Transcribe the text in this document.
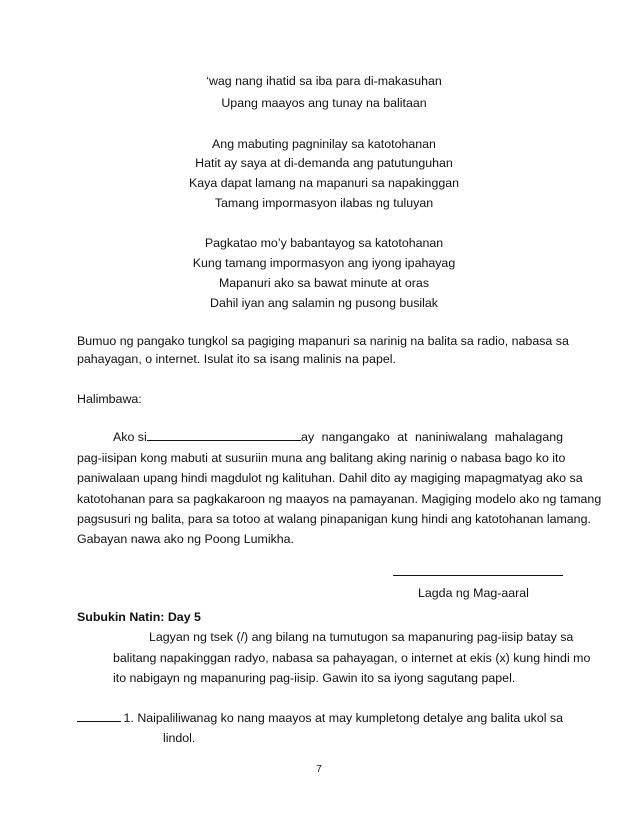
‘wag nang ihatid sa iba para di-makasuhan
Upang maayos ang tunay na balitaan
Ang mabuting pagninilay sa katotohanan
Hatit ay saya at di-demanda ang patutunguhan
Kaya dapat lamang na mapanuri sa napakinggan
Tamang impormasyon ilabas ng tuluyan
Pagkatao mo’y babantayog sa katotohanan
Kung tamang impormasyon ang iyong ipahayag
Mapanuri ako sa bawat minute at oras
Dahil iyan ang salamin ng pusong busilak
Bumuo ng pangako tungkol sa pagiging mapanuri sa narinig na balita sa radio, nabasa sa
pahayagan, o internet. Isulat ito sa isang malinis na papel.
Halimbawa:
Ako si	ay nangangako at naniniwalang mahalagang
pag-iisipan kong mabuti at susuriin muna ang balitang aking narinig o nabasa bago ko ito
paniwalaan upang hindi magdulot ng kalituhan. Dahil dito ay magiging mapagmatyag ako sa
katotohanan para sa pagkakaroon ng maayos na pamayanan. Magiging modelo ako ng tamang
pagsusuri ng balita, para sa totoo at walang pinapanigan kung hindi ang katotohanan lamang.
Gabayan nawa ako ng Poong Lumikha.
Lagda ng Mag-aaral
Subukin Natin: Day 5
Lagyan ng tsek (/) ang bilang na tumutugon sa mapanuring pag-iisip batay sa
balitang napakinggan radyo, nabasa sa pahayagan, o internet at ekis (x) kung hindi mo
ito nabigayn ng mapanuring pag-iisip. Gawin ito sa iyong sagutang papel.
1. Naipaliliwanag ko nang maayos at may kumpletong detalye ang balita ukol sa
lindol.
7
